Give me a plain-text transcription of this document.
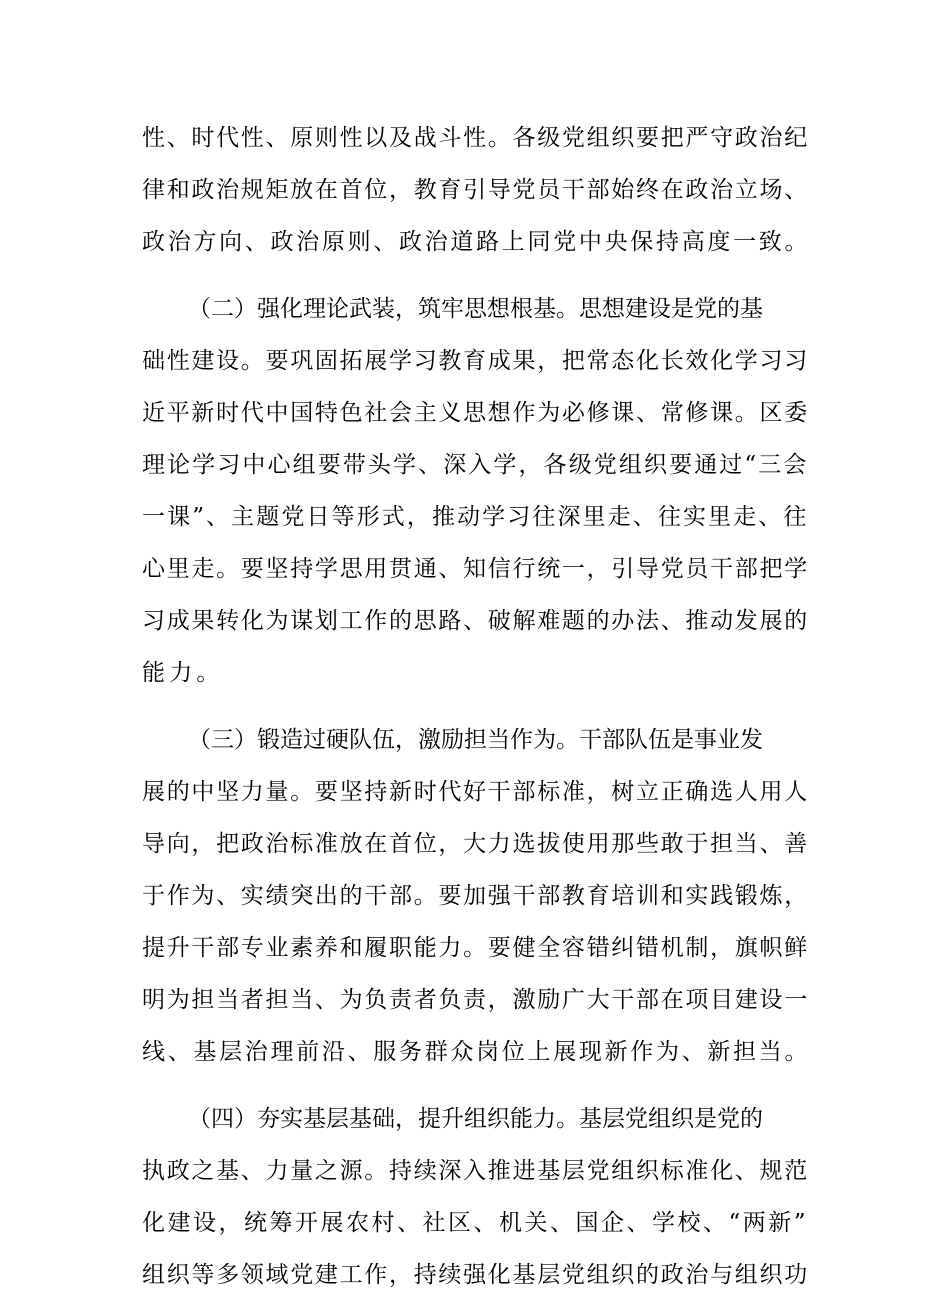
性、时代性、原则性以及战斗性。各级党组织要把严守政治纪
律和政治规矩放在首位，教育引导党员干部始终在政治立场、
政治方向、政治原则、政治道路上同党中央保持高度一致。
（二）强化理论武装，筑牢思想根基。思想建设是党的基
础性建设。要巩固拓展学习教育成果，把常态化长效化学习习
近平新时代中国特色社会主义思想作为必修课、常修课。区委
理论学习中心组要带头学、深入学，各级党组织要通过“三会
一课”、主题党日等形式，推动学习往深里走、往实里走、往
心里走。要坚持学思用贯通、知信行统一，引导党员干部把学
习成果转化为谋划工作的思路、破解难题的办法、推动发展的
能力。
（三）锻造过硬队伍，激励担当作为。干部队伍是事业发
展的中坚力量。要坚持新时代好干部标准，树立正确选人用人
导向，把政治标准放在首位，大力选拔使用那些敢于担当、善
于作为、实绩突出的干部。要加强干部教育培训和实践锻炼，
提升干部专业素养和履职能力。要健全容错纠错机制，旗帜鲜
明为担当者担当、为负责者负责，激励广大干部在项目建设一
线、基层治理前沿、服务群众岗位上展现新作为、新担当。
（四）夯实基层基础，提升组织能力。基层党组织是党的
执政之基、力量之源。持续深入推进基层党组织标准化、规范
化建设，统筹开展农村、社区、机关、国企、学校、“两新”
组织等多领域党建工作，持续强化基层党组织的政治与组织功
